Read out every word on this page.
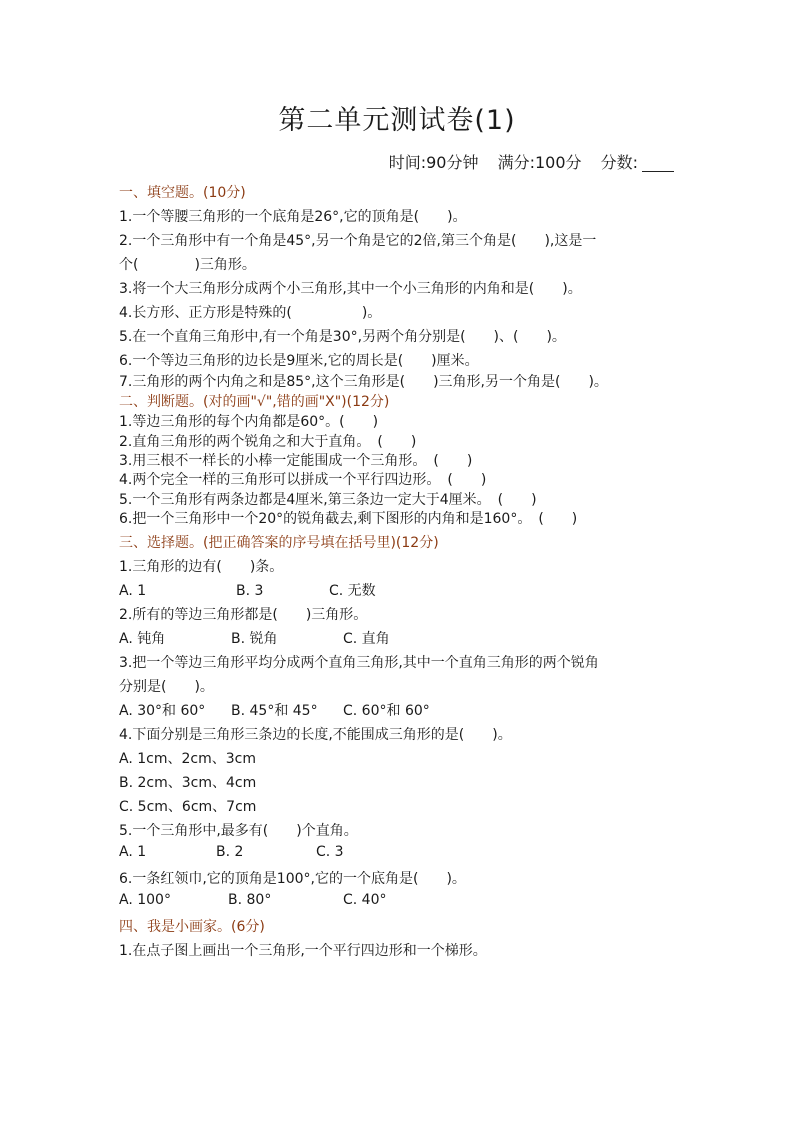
第二单元测试卷(1)
时间:90分钟 满分:100分 分数:
一、填空题。(10分)
1.一个等腰三角形的一个底角是26°,它的顶角是(　　)。
2.一个三角形中有一个角是45°,另一个角是它的2倍,第三个角是(　　),这是一
个(　　　　)三角形。
3.将一个大三角形分成两个小三角形,其中一个小三角形的内角和是(　　)。
4.长方形、正方形是特殊的(　　　　　)。
5.在一个直角三角形中,有一个角是30°,另两个角分别是(　　)、(　　)。
6.一个等边三角形的边长是9厘米,它的周长是(　　)厘米。
7.三角形的两个内角之和是85°,这个三角形是(　　)三角形,另一个角是(　　)。
二、判断题。(对的画"√",错的画"X")(12分)
1.等边三角形的每个内角都是60°。(　　)
2.直角三角形的两个锐角之和大于直角。　(　　)
3.用三根不一样长的小棒一定能围成一个三角形。　(　　)
4.两个完全一样的三角形可以拼成一个平行四边形。　(　　)
5.一个三角形有两条边都是4厘米,第三条边一定大于4厘米。　(　　)
6.把一个三角形中一个20°的锐角截去,剩下图形的内角和是160°。　(　　)
三、选择题。(把正确答案的序号填在括号里)(12分)
1.三角形的边有(　　)条。
A. 1	B. 3	C. 无数
2.所有的等边三角形都是(　　)三角形。
A. 钝角	B. 锐角	C. 直角
3.把一个等边三角形平均分成两个直角三角形,其中一个直角三角形的两个锐角
分别是(　　)。
A. 30°和 60° B. 45°和 45° C. 60°和 60°
4.下面分别是三角形三条边的长度,不能围成三角形的是(　　)。
A. 1cm、2cm、3cm
B. 2cm、3cm、4cm
C. 5cm、6cm、7cm
5.一个三角形中,最多有(　　)个直角。
A. 1	B. 2	C. 3
6.一条红领巾,它的顶角是100°,它的一个底角是(　　)。
A. 100°	B. 80°	C. 40°
四、我是小画家。(6分)
1.在点子图上画出一个三角形,一个平行四边形和一个梯形。
